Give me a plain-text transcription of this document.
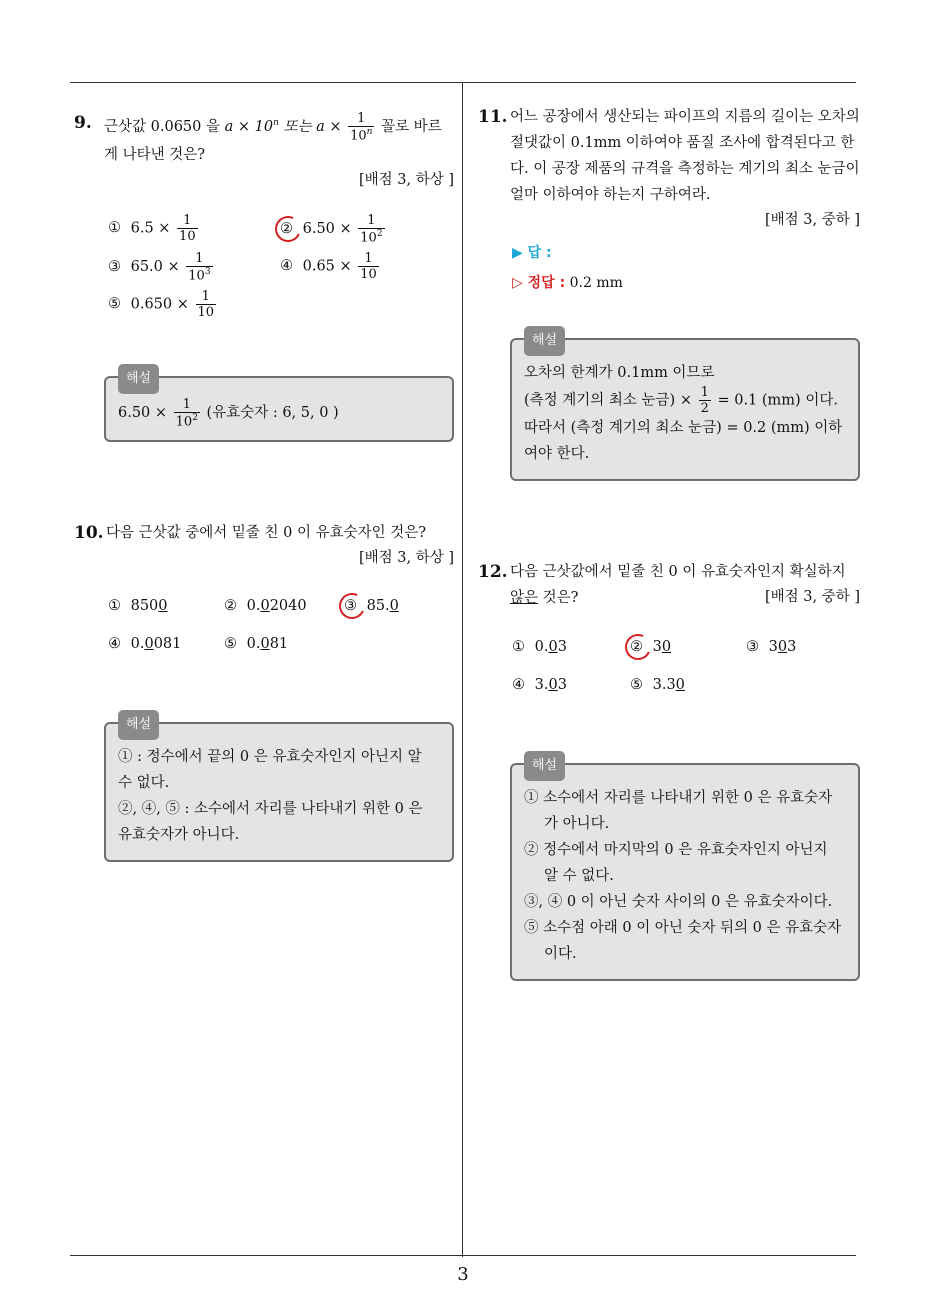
3
9. 근삿값 0.0650 을 $a \times 10^n$ 또는 $a \times \frac{1}{10^n}$ 꼴로 바르게 나타낸 것은?
[배점 3, 하상 ]
① $6.5 \times \frac{1}{10}$	② $6.50 \times \frac{1}{10^2}$
③ $65.0 \times \frac{1}{10^3}$	④ $0.65 \times \frac{1}{10}$
⑤ $0.650 \times \frac{1}{10}$
해설
$6.50 \times \frac{1}{10^2}$ (유효숫자 : 6, 5, 0 )
10. 다음 근삿값 중에서 밑줄 친 0 이 유효숫자인 것은?
[배점 3, 하상 ]
① 8500	② 0.02040	③ 85.0
④ 0.0081	⑤ 0.081
해설
① : 정수에서 끝의 0 은 유효숫자인지 아닌지 알 수 없다.
②, ④, ⑤ : 소수에서 자리를 나타내기 위한 0 은 유효숫자가 아니다.
11. 어느 공장에서 생산되는 파이프의 지름의 길이는 오차의 절댓값이 0.1mm 이하여야 품질 조사에 합격된다고 한다. 이 공장 제품의 규격을 측정하는 계기의 최소 눈금이 얼마 이하여야 하는지 구하여라.
[배점 3, 중하 ]
▶ 답 :
▷ 정답 : 0.2 mm
해설
오차의 한계가 0.1mm 이므로
(측정 계기의 최소 눈금) × $\frac{1}{2} = 0.1$ (mm) 이다.
따라서 (측정 계기의 최소 눈금) = 0.2 (mm) 이하여야 한다.
12. 다음 근삿값에서 밑줄 친 0 이 유효숫자인지 확실하지 않은 것은?	[배점 3, 중하 ]
① 0.03	② 30	③ 303
④ 3.03	⑤ 3.30
해설
① 소수에서 자리를 나타내기 위한 0 은 유효숫자가 아니다.
② 정수에서 마지막의 0 은 유효숫자인지 아닌지 알 수 없다.
③, ④ 0 이 아닌 숫자 사이의 0 은 유효숫자이다.
⑤ 소수점 아래 0 이 아닌 숫자 뒤의 0 은 유효숫자이다.
